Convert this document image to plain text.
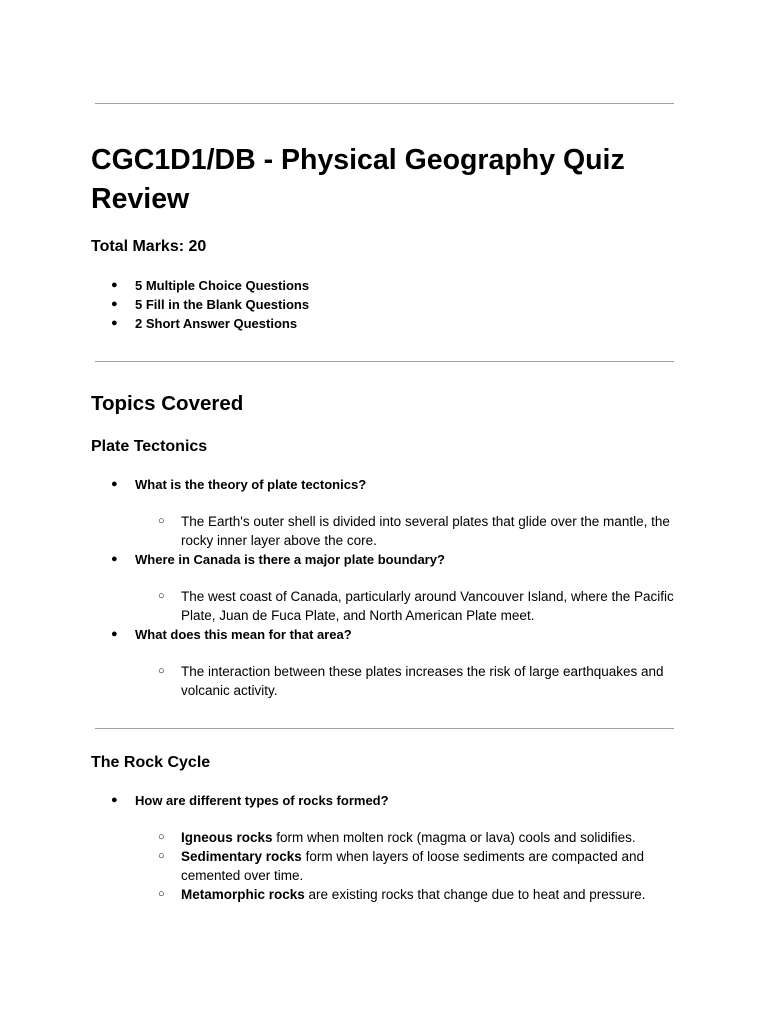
CGC1D1/DB - Physical Geography Quiz Review

Total Marks: 20

● 5 Multiple Choice Questions
● 5 Fill in the Blank Questions
● 2 Short Answer Questions
Topics Covered
Plate Tectonics
● What is the theory of plate tectonics?
○ The Earth's outer shell is divided into several plates that glide over the mantle, the rocky inner layer above the core.
● Where in Canada is there a major plate boundary?
○ The west coast of Canada, particularly around Vancouver Island, where the Pacific Plate, Juan de Fuca Plate, and North American Plate meet.
● What does this mean for that area?
○ The interaction between these plates increases the risk of large earthquakes and volcanic activity.
The Rock Cycle
● How are different types of rocks formed?
○ Igneous rocks form when molten rock (magma or lava) cools and solidifies.
○ Sedimentary rocks form when layers of loose sediments are compacted and cemented over time.
○ Metamorphic rocks are existing rocks that change due to heat and pressure.
